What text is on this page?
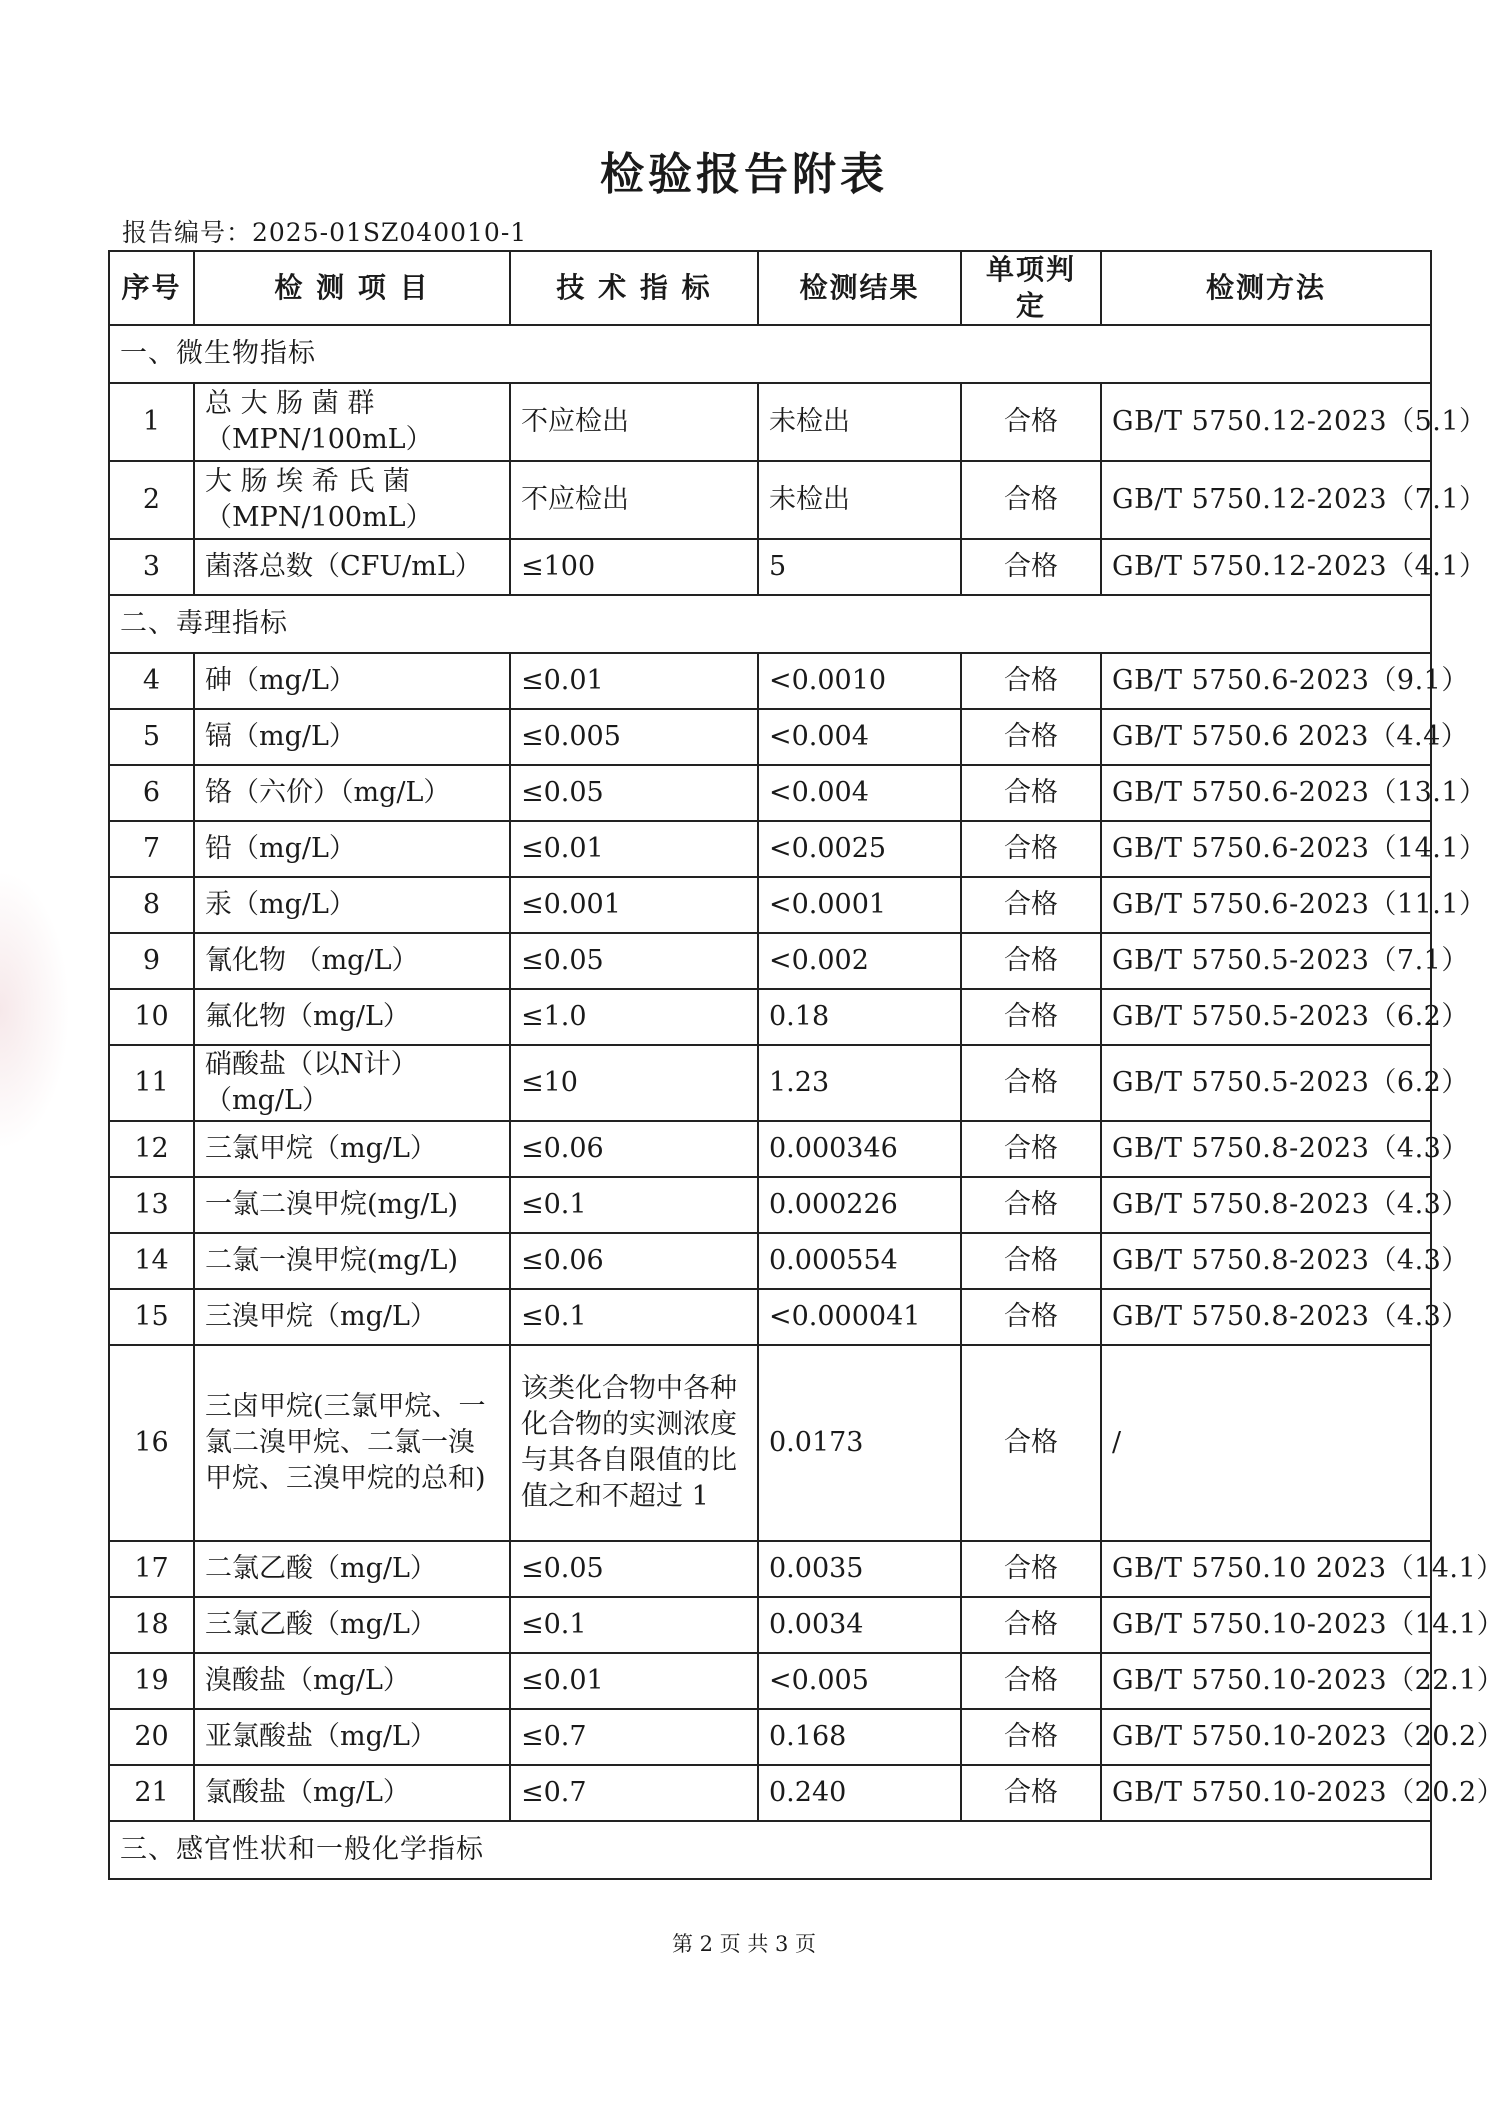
检验报告附表
报告编号：2025-01SZ040010-1
序号	检 测 项 目	技 术 指 标	检测结果	单项判定	检测方法
一、微生物指标					
1	总 大 肠 菌 群（MPN/100mL）	不应检出	未检出	合格	GB/T 5750.12-2023（5.1）
2	大 肠 埃 希 氏 菌（MPN/100mL）	不应检出	未检出	合格	GB/T 5750.12-2023（7.1）
3	菌落总数（CFU/mL）	≤100	5	合格	GB/T 5750.12-2023（4.1）
二、毒理指标					
4	砷（mg/L）	≤0.01	<0.0010	合格	GB/T 5750.6-2023（9.1）
5	镉（mg/L）	≤0.005	<0.004	合格	GB/T 5750.6 2023（4.4）
6	铬（六价）（mg/L）	≤0.05	<0.004	合格	GB/T 5750.6-2023（13.1）
7	铅（mg/L）	≤0.01	<0.0025	合格	GB/T 5750.6-2023（14.1）
8	汞（mg/L）	≤0.001	<0.0001	合格	GB/T 5750.6-2023（11.1）
9	氰化物 （mg/L）	≤0.05	<0.002	合格	GB/T 5750.5-2023（7.1）
10	氟化物（mg/L）	≤1.0	0.18	合格	GB/T 5750.5-2023（6.2）
11	硝酸盐（以N计）（mg/L）	≤10	1.23	合格	GB/T 5750.5-2023（6.2）
12	三氯甲烷（mg/L）	≤0.06	0.000346	合格	GB/T 5750.8-2023（4.3）
13	一氯二溴甲烷(mg/L)	≤0.1	0.000226	合格	GB/T 5750.8-2023（4.3）
14	二氯一溴甲烷(mg/L)	≤0.06	0.000554	合格	GB/T 5750.8-2023（4.3）
15	三溴甲烷（mg/L）	≤0.1	<0.000041	合格	GB/T 5750.8-2023（4.3）
16	三卤甲烷(三氯甲烷、一氯二溴甲烷、二氯一溴甲烷、三溴甲烷的总和)	该类化合物中各种化合物的实测浓度与其各自限值的比值之和不超过 1	0.0173	合格	/
17	二氯乙酸（mg/L）	≤0.05	0.0035	合格	GB/T 5750.10 2023（14.1）
18	三氯乙酸（mg/L）	≤0.1	0.0034	合格	GB/T 5750.10-2023（14.1）
19	溴酸盐（mg/L）	≤0.01	<0.005	合格	GB/T 5750.10-2023（22.1）
20	亚氯酸盐（mg/L）	≤0.7	0.168	合格	GB/T 5750.10-2023（20.2）
21	氯酸盐（mg/L）	≤0.7	0.240	合格	GB/T 5750.10-2023（20.2）
三、感官性状和一般化学指标					
第 2 页 共 3 页
